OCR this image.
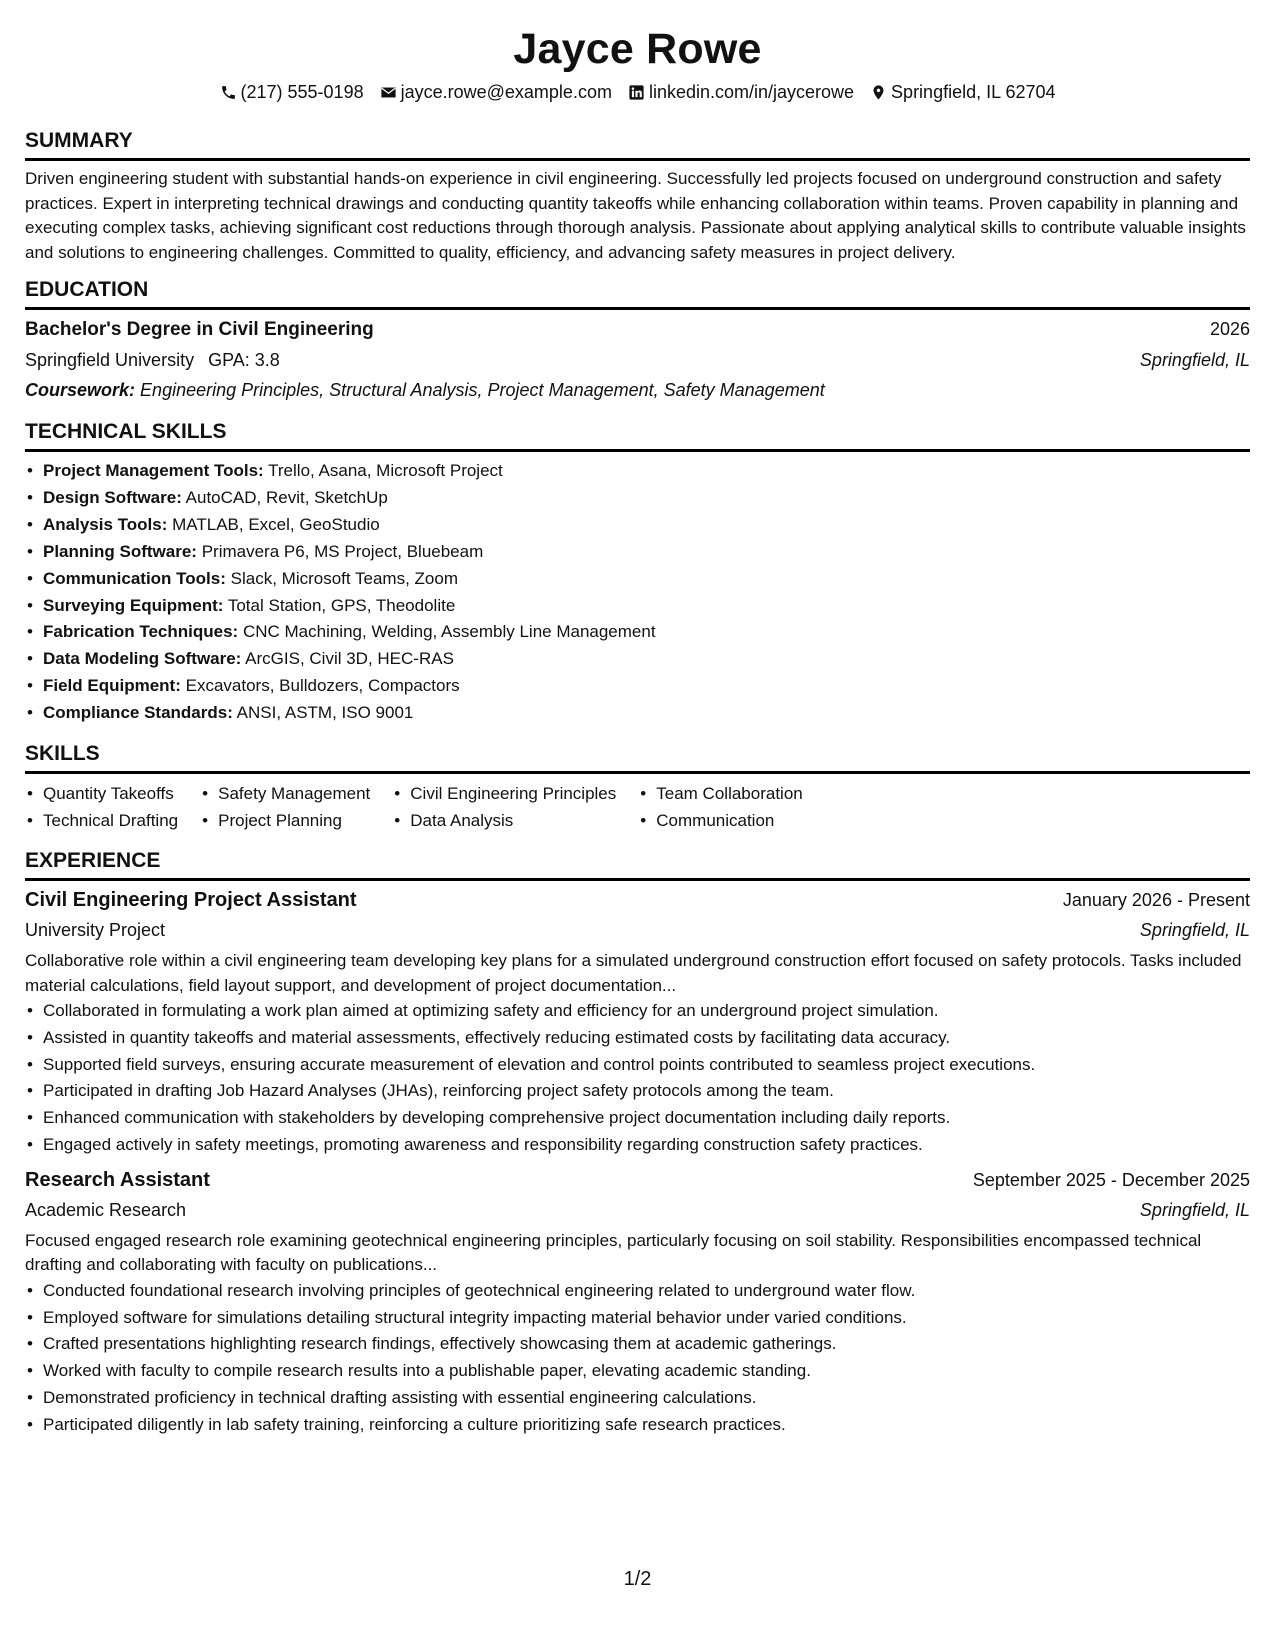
Jayce Rowe
(217) 555-0198 jayce.rowe@example.com linkedin.com/in/jaycerowe Springfield, IL 62704
SUMMARY
Driven engineering student with substantial hands-on experience in civil engineering. Successfully led projects focused on underground construction and safety practices. Expert in interpreting technical drawings and conducting quantity takeoffs while enhancing collaboration within teams. Proven capability in planning and executing complex tasks, achieving significant cost reductions through thorough analysis. Passionate about applying analytical skills to contribute valuable insights and solutions to engineering challenges. Committed to quality, efficiency, and advancing safety measures in project delivery.
EDUCATION
Bachelor's Degree in Civil Engineering	2026
Springfield University GPA: 3.8	Springfield, IL
Coursework: Engineering Principles, Structural Analysis, Project Management, Safety Management
TECHNICAL SKILLS
• Project Management Tools: Trello, Asana, Microsoft Project
• Design Software: AutoCAD, Revit, SketchUp
• Analysis Tools: MATLAB, Excel, GeoStudio
• Planning Software: Primavera P6, MS Project, Bluebeam
• Communication Tools: Slack, Microsoft Teams, Zoom
• Surveying Equipment: Total Station, GPS, Theodolite
• Fabrication Techniques: CNC Machining, Welding, Assembly Line Management
• Data Modeling Software: ArcGIS, Civil 3D, HEC-RAS
• Field Equipment: Excavators, Bulldozers, Compactors
• Compliance Standards: ANSI, ASTM, ISO 9001
SKILLS
• Quantity Takeoffs
• Technical Drafting
• Safety Management
• Project Planning
• Civil Engineering Principles
• Data Analysis
• Team Collaboration
• Communication
EXPERIENCE
Civil Engineering Project Assistant	January 2026 - Present
University Project	Springfield, IL
Collaborative role within a civil engineering team developing key plans for a simulated underground construction effort focused on safety protocols. Tasks included material calculations, field layout support, and development of project documentation...
• Collaborated in formulating a work plan aimed at optimizing safety and efficiency for an underground project simulation.
• Assisted in quantity takeoffs and material assessments, effectively reducing estimated costs by facilitating data accuracy.
• Supported field surveys, ensuring accurate measurement of elevation and control points contributed to seamless project executions.
• Participated in drafting Job Hazard Analyses (JHAs), reinforcing project safety protocols among the team.
• Enhanced communication with stakeholders by developing comprehensive project documentation including daily reports.
• Engaged actively in safety meetings, promoting awareness and responsibility regarding construction safety practices.
Research Assistant	September 2025 - December 2025
Academic Research	Springfield, IL
Focused engaged research role examining geotechnical engineering principles, particularly focusing on soil stability. Responsibilities encompassed technical drafting and collaborating with faculty on publications...
• Conducted foundational research involving principles of geotechnical engineering related to underground water flow.
• Employed software for simulations detailing structural integrity impacting material behavior under varied conditions.
• Crafted presentations highlighting research findings, effectively showcasing them at academic gatherings.
• Worked with faculty to compile research results into a publishable paper, elevating academic standing.
• Demonstrated proficiency in technical drafting assisting with essential engineering calculations.
• Participated diligently in lab safety training, reinforcing a culture prioritizing safe research practices.
1/2
